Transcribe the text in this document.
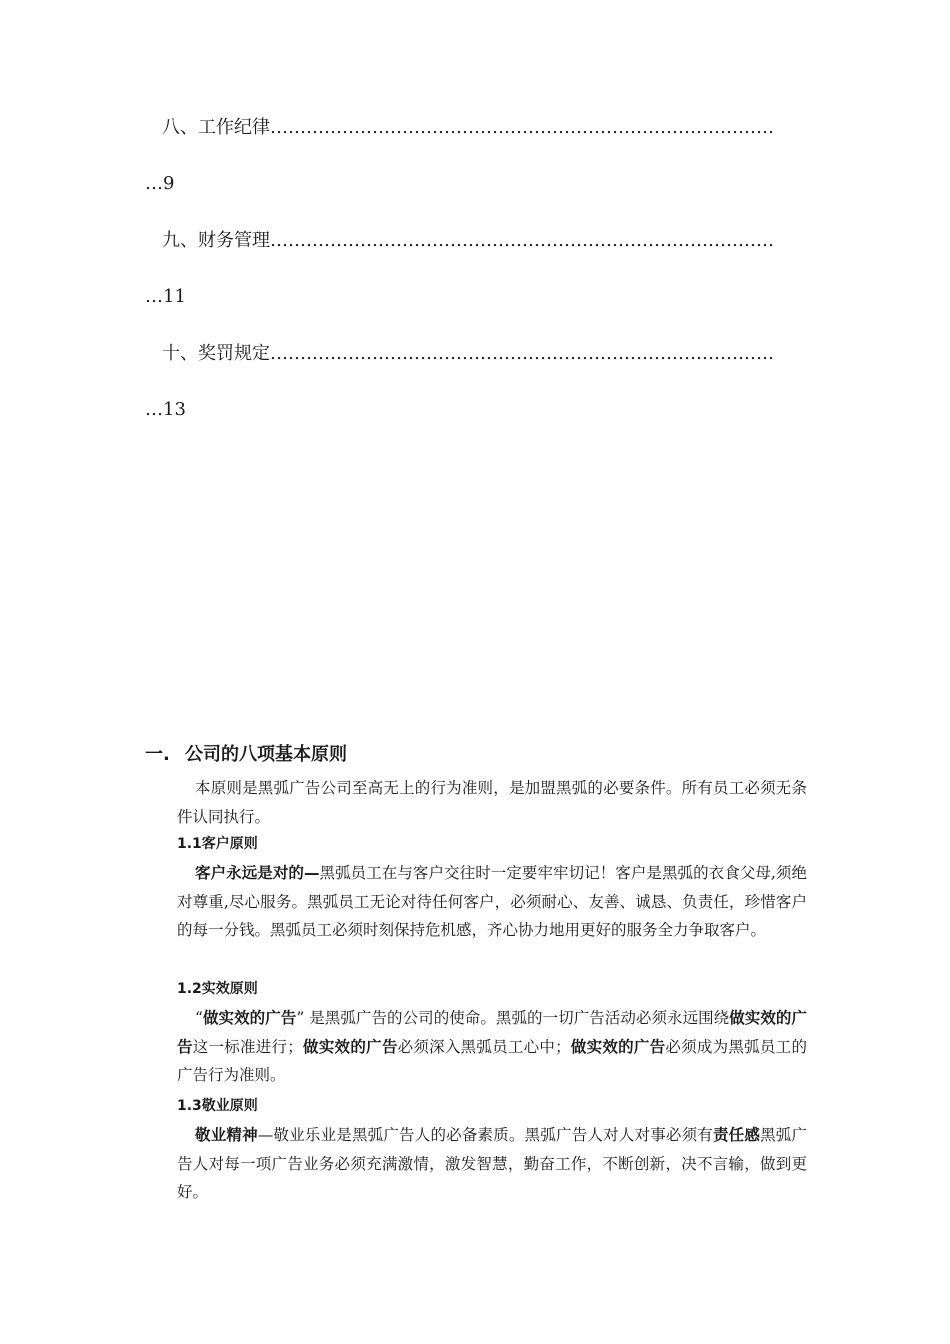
八、工作纪律…………………………………………………………………………
…9
九、财务管理…………………………………………………………………………
…11
十、奖罚规定…………………………………………………………………………
…13
一. 公司的八项基本原则
本原则是黑弧广告公司至高无上的行为准则，是加盟黑弧的必要条件。所有员工必须无条件认同执行。
1.1客户原则
客户永远是对的—黑弧员工在与客户交往时一定要牢牢切记！客户是黑弧的衣食父母,须绝对尊重,尽心服务。黑弧员工无论对待任何客户，必须耐心、友善、诚恳、负责任，珍惜客户的每一分钱。黑弧员工必须时刻保持危机感，齐心协力地用更好的服务全力争取客户。
1.2实效原则
“做实效的广告” 是黑弧广告的公司的使命。黑弧的一切广告活动必须永远围绕做实效的广告这一标准进行；做实效的广告必须深入黑弧员工心中；做实效的广告必须成为黑弧员工的广告行为准则。
1.3敬业原则
敬业精神—敬业乐业是黑弧广告人的必备素质。黑弧广告人对人对事必须有责任感黑弧广告人对每一项广告业务必须充满激情，激发智慧，勤奋工作，不断创新，决不言输，做到更好。
